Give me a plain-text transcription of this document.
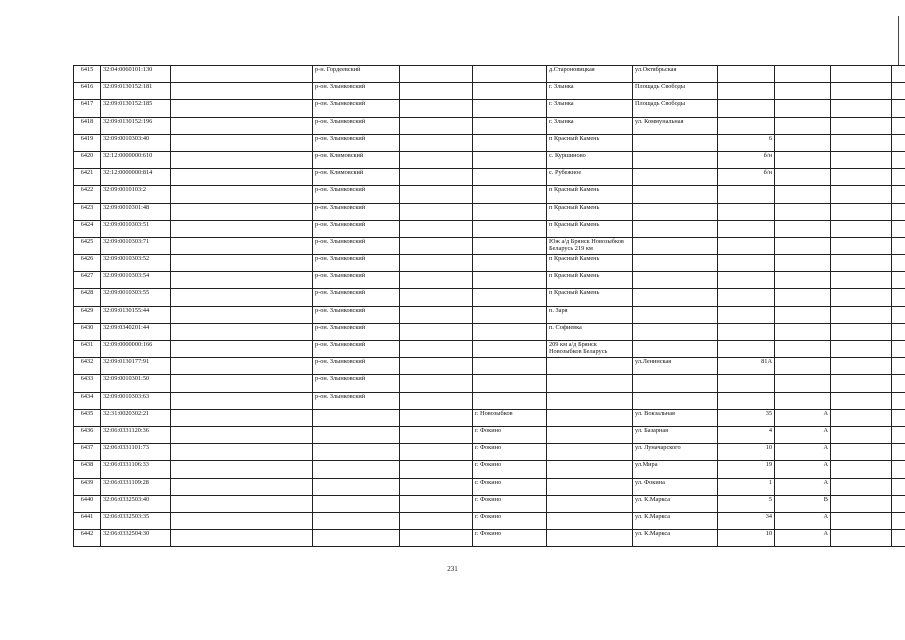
6415	32:04:0060101:130		р-н. Гордеевский			д.Староновицкая	ул.Октябрьская				
6416	32:09:0130152:181		р-он. Злынковский			г. Злынка	Площадь Свободы				
6417	32:09:0130152:185		р-он. Злынковский			г. Злынка	Площадь Свободы				
6418	32:09:0130152:196		р-он. Злынковский			г. Злынка	ул. Коммунальная				
6419	32:09:0010303:40		р-он. Злынковский			п Красный Камень		6			
6420	32:12:0000000:610		р-он. Климовский			с. Куршиново		б/н			
6421	32:12:0000000:814		р-он. Климовский			с. Рубежное		б/н			
6422	32:09:0010103:2		р-он. Злынковский			п Красный Камень					
6423	32:09:0010301:48		р-он. Злынковский			п Красный Камень					
6424	32:09:0010303:51		р-он. Злынковский			п Красный Камень					
6425	32:09:0010303:71		р-он. Злынковский			Юж а/д Брянск Новозыбков
Беларусь 219 км					
6426	32:09:0010303:52		р-он. Злынковский			п Красный Камень					
6427	32:09:0010303:54		р-он. Злынковский			п Красный Камень					
6428	32:09:0010303:55		р-он. Злынковский			п Красный Камень					
6429	32:09:0130155:44		р-он. Злынковский			п. Заря					
6430	32:09:0340201:44		р-он. Злынковский			п. Софиевка					
6431	32:09:0000000:166		р-он. Злынковский			209 км а/д Брянск
Новозыбков Беларусь					
6432	32:09:0130177:91		р-он. Злынковский				ул.Ленинская	81А			
6433	32:09:0010301:50		р-он. Злынковский								
6434	32:09:0010303:63		р-он. Злынковский								
6435	32:31:0020302:21				г. Новозыбков		ул. Вокзальная	35	А		
6436	32:06:0331120:36				г. Фокино		ул. Базарная	4	А		
6437	32:06:0331101:73				г. Фокино		ул. Луначарского	10	А		
6438	32:06:0331106:33				г. Фокино		ул.Мира	19	А		
6439	32:06:0331109:28				г. Фокино		ул. Фокина	1	А		
6440	32:06:0332503:40				г. Фокино		ул. К.Маркса	5	В		
6441	32:06:0332503:35				г. Фокино		ул. К.Маркса	34	А		
6442	32:06:0332504:30				г. Фокино		ул. К.Маркса	10	А		
231
